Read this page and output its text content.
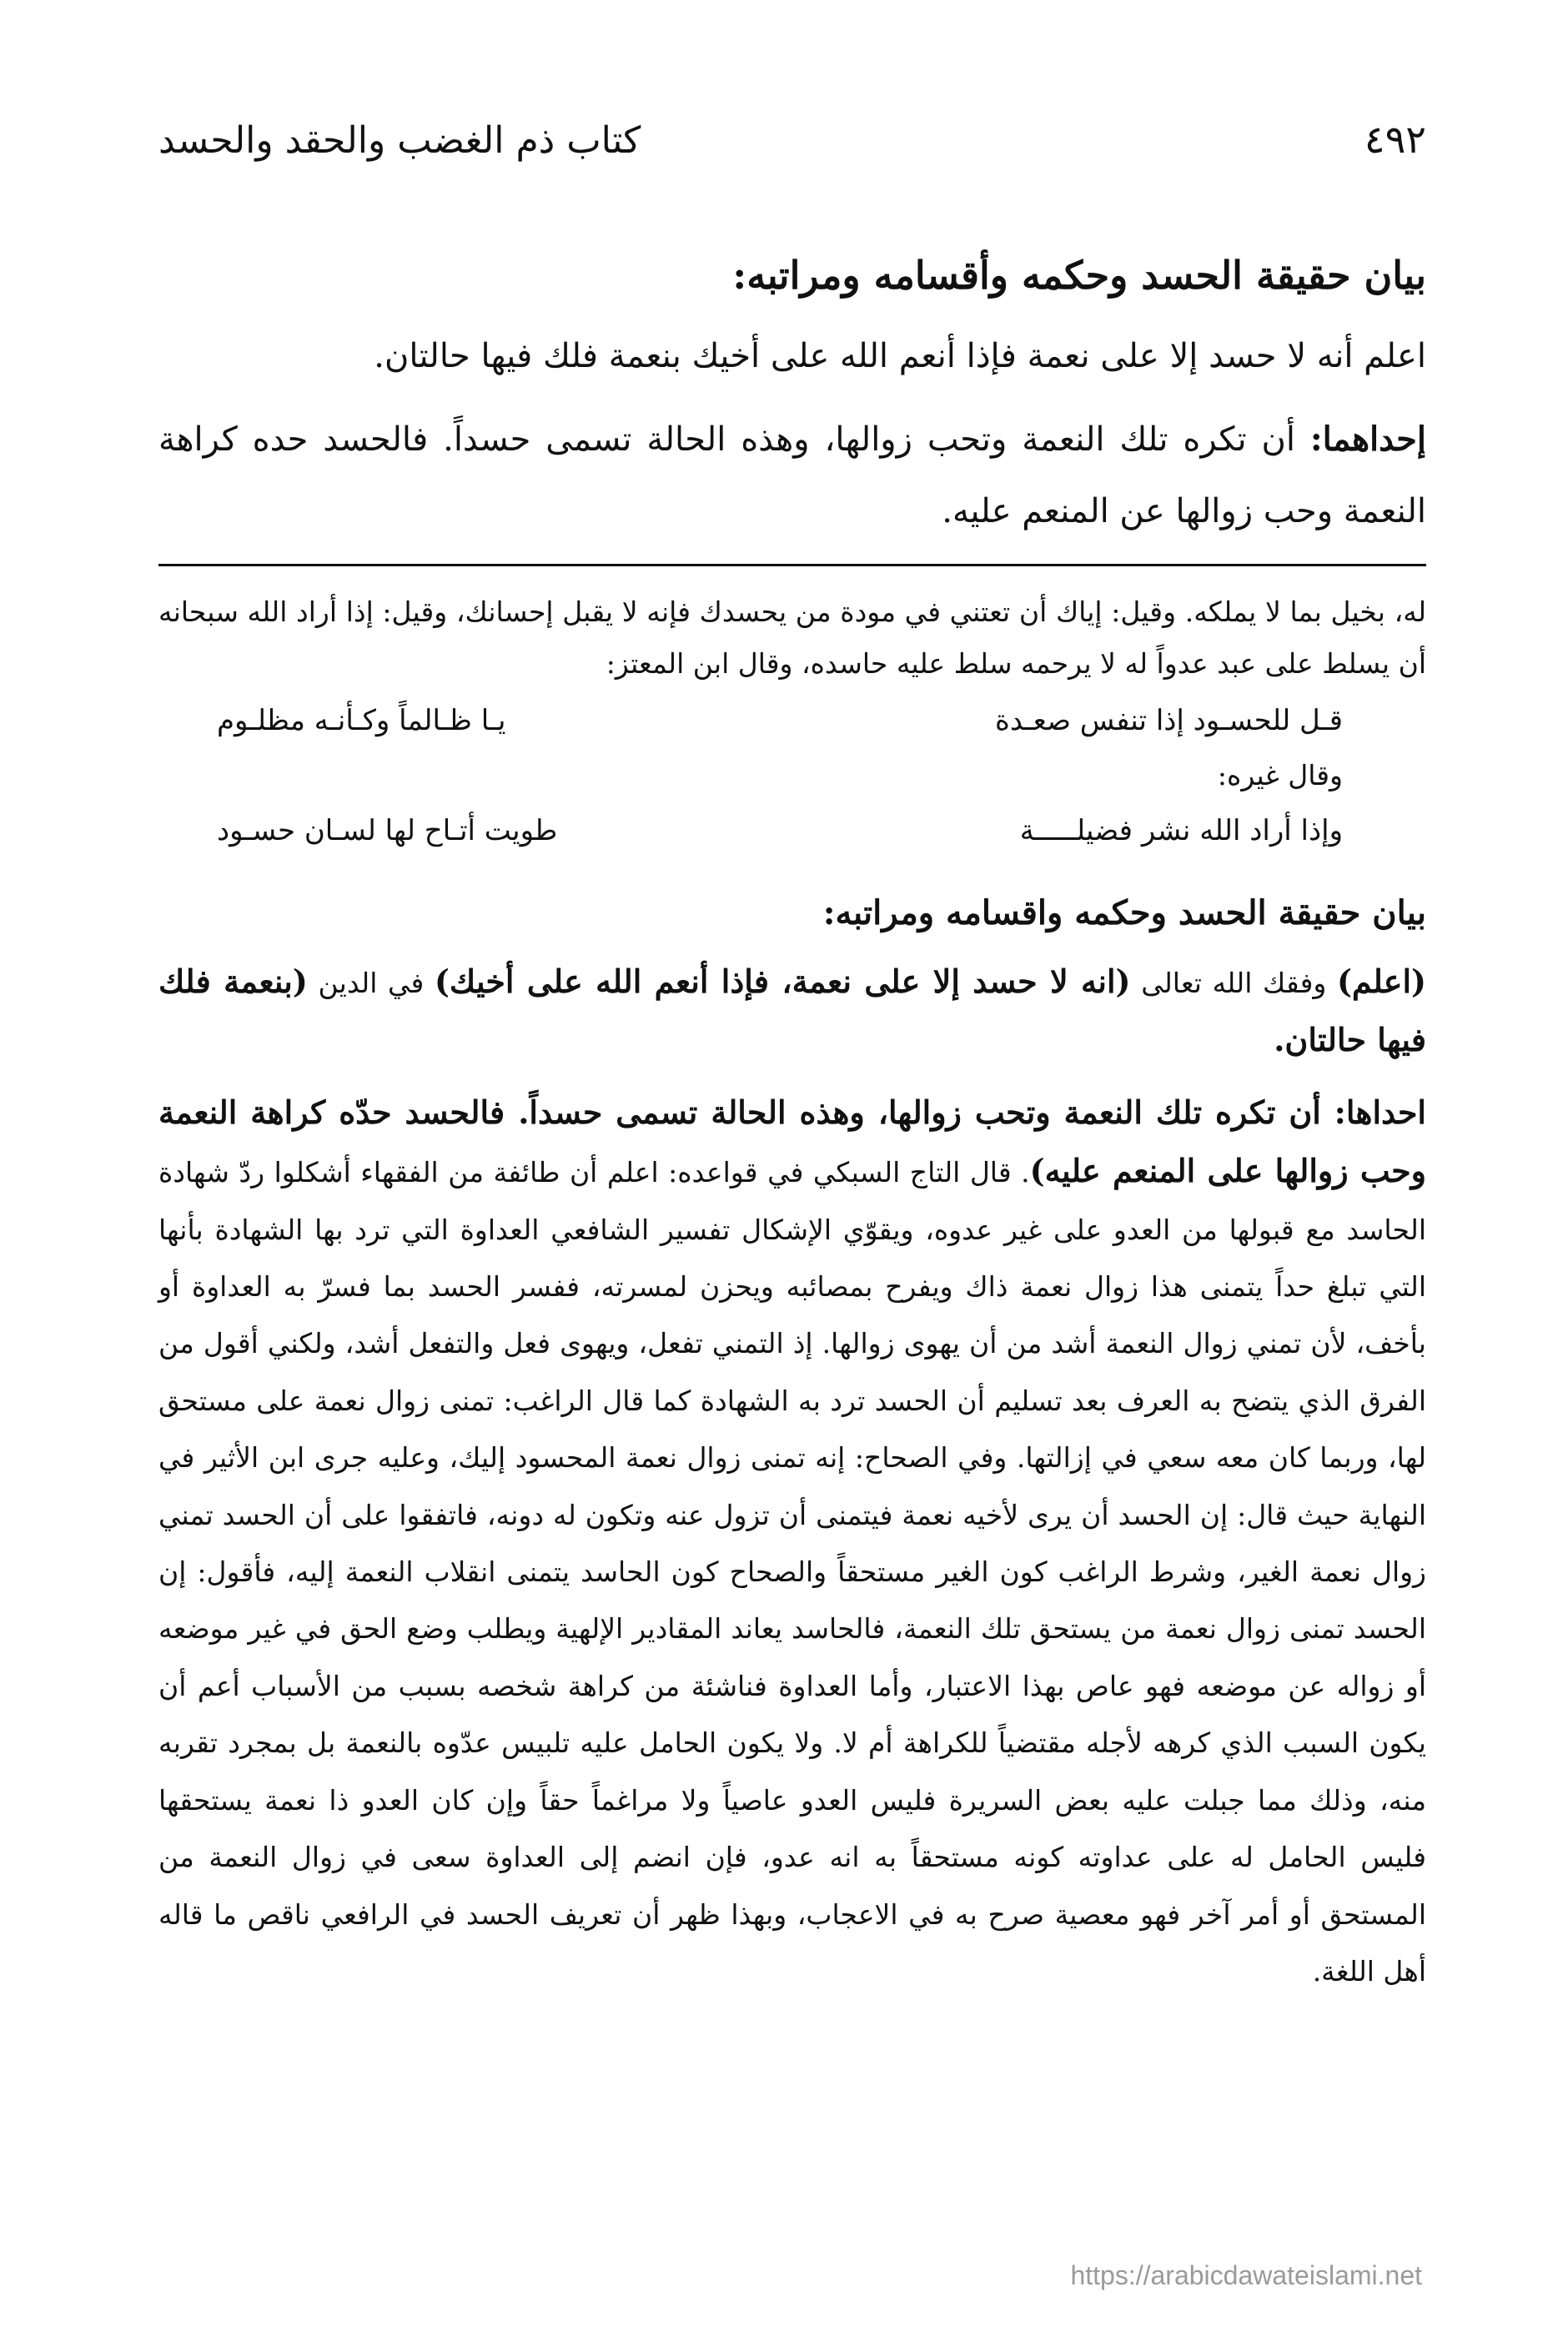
٤٩٢
كتاب ذم الغضب والحقد والحسد
بيان حقيقة الحسد وحكمه وأقسامه ومراتبه:

اعلم أنه لا حسد إلا على نعمة فإذا أنعم الله على أخيك بنعمة فلك فيها حالتان.

إحداهما: أن تكره تلك النعمة وتحب زوالها، وهذه الحالة تسمى حسداً. فالحسد حده كراهة النعمة وحب زوالها عن المنعم عليه.

له، بخيل بما لا يملكه. وقيل: إياك أن تعتني في مودة من يحسدك فإنه لا يقبل إحسانك، وقيل: إذا أراد الله سبحانه أن يسلط على عبد عدواً له لا يرحمه سلط عليه حاسده، وقال ابن المعتز:

قـل للحسـود إذا تنفس صعـدة
يـا ظـالماً وكـأنـه مظلـوم
وقال غيره:
وإذا أراد الله نشر فضيلـــــة
طويت أتـاح لها لسـان حسـود
بيان حقيقة الحسد وحكمه واقسامه ومراتبه:

(اعلم) وفقك الله تعالى (انه لا حسد إلا على نعمة، فإذا أنعم الله على أخيك) في الدين (بنعمة فلك فيها حالتان.

احداها: أن تكره تلك النعمة وتحب زوالها، وهذه الحالة تسمى حسداً. فالحسد حدّه كراهة النعمة وحب زوالها على المنعم عليه). قال التاج السبكي في قواعده: اعلم أن طائفة من الفقهاء أشكلوا ردّ شهادة الحاسد مع قبولها من العدو على غير عدوه، ويقوّي الإشكال تفسير الشافعي العداوة التي ترد بها الشهادة بأنها التي تبلغ حداً يتمنى هذا زوال نعمة ذاك ويفرح بمصائبه ويحزن لمسرته، ففسر الحسد بما فسرّ به العداوة أو بأخف، لأن تمني زوال النعمة أشد من أن يهوى زوالها. إذ التمني تفعل، ويهوى فعل والتفعل أشد، ولكني أقول من الفرق الذي يتضح به العرف بعد تسليم أن الحسد ترد به الشهادة كما قال الراغب: تمنى زوال نعمة على مستحق لها، وربما كان معه سعي في إزالتها. وفي الصحاح: إنه تمنى زوال نعمة المحسود إليك، وعليه جرى ابن الأثير في النهاية حيث قال: إن الحسد أن يرى لأخيه نعمة فيتمنى أن تزول عنه وتكون له دونه، فاتفقوا على أن الحسد تمني زوال نعمة الغير، وشرط الراغب كون الغير مستحقاً والصحاح كون الحاسد يتمنى انقلاب النعمة إليه، فأقول: إن الحسد تمنى زوال نعمة من يستحق تلك النعمة، فالحاسد يعاند المقادير الإلهية ويطلب وضع الحق في غير موضعه أو زواله عن موضعه فهو عاص بهذا الاعتبار، وأما العداوة فناشئة من كراهة شخصه بسبب من الأسباب أعم أن يكون السبب الذي كرهه لأجله مقتضياً للكراهة أم لا. ولا يكون الحامل عليه تلبيس عدّوه بالنعمة بل بمجرد تقربه منه، وذلك مما جبلت عليه بعض السريرة فليس العدو عاصياً ولا مراغماً حقاً وإن كان العدو ذا نعمة يستحقها فليس الحامل له على عداوته كونه مستحقاً به انه عدو، فإن انضم إلى العداوة سعى في زوال النعمة من المستحق أو أمر آخر فهو معصية صرح به في الاعجاب، وبهذا ظهر أن تعريف الحسد في الرافعي ناقص ما قاله أهل اللغة.

https://arabicdawateislami.net
